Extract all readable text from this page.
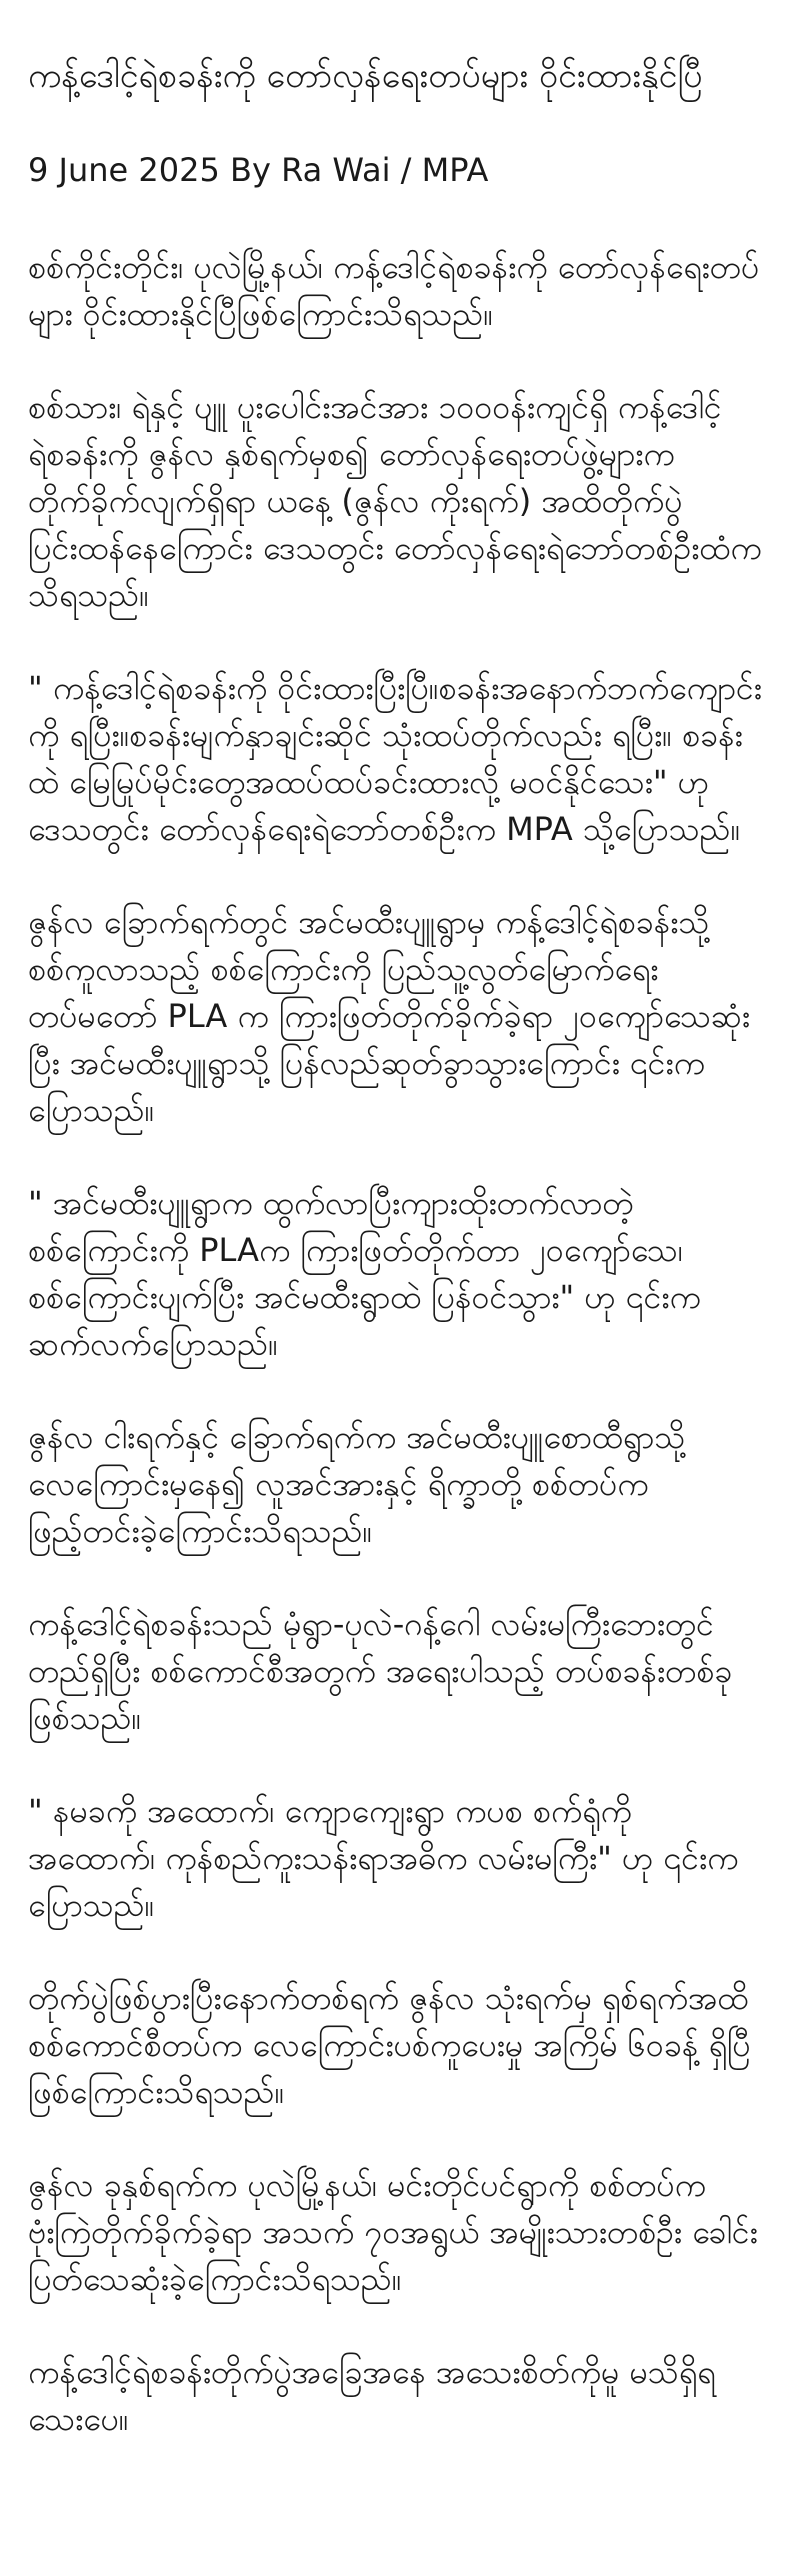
ကန့်ဒေါင့်ရဲစခန်းကို တော်လှန်ရေးတပ်များ ဝိုင်းထားနိုင်ပြီ
9 June 2025 By Ra Wai / MPA

စစ်ကိုင်းတိုင်း၊ ပုလဲမြို့နယ်၊ ကန့်ဒေါင့်ရဲစခန်းကို တော်လှန်ရေးတပ်များ ဝိုင်းထားနိုင်ပြီဖြစ်ကြောင်းသိရသည်။

စစ်သား၊ ရဲနှင့် ပျူ ပူးပေါင်းအင်အား ၁၀၀၀န်းကျင်ရှိ ကန့်ဒေါင့်ရဲစခန်းကို ဇွန်လ နှစ်ရက်မှစ၍ တော်လှန်ရေးတပ်ဖွဲ့များက တိုက်ခိုက်လျက်ရှိရာ ယနေ့ (ဇွန်လ ကိုးရက်) အထိတိုက်ပွဲပြင်းထန်နေကြောင်း ဒေသတွင်း တော်လှန်ရေးရဲဘော်တစ်ဦးထံက သိရသည်။

" ကန့်ဒေါင့်ရဲစခန်းကို ဝိုင်းထားပြီးပြီ။စခန်းအနောက်ဘက်ကျောင်းကို ရပြီး။စခန်းမျက်နှာချင်းဆိုင် သုံးထပ်တိုက်လည်း ရပြီး။ စခန်းထဲ မြေမြုပ်မိုင်းတွေအထပ်ထပ်ခင်းထားလို့ မဝင်နိုင်သေး" ဟု ဒေသတွင်း တော်လှန်ရေးရဲဘော်တစ်ဦးက MPA သို့ပြောသည်။

ဇွန်လ ခြောက်ရက်တွင် အင်မထီးပျူရွာမှ ကန့်ဒေါင့်ရဲစခန်းသို့ စစ်ကူလာသည့် စစ်ကြောင်းကို ပြည်သူ့လွတ်မြောက်ရေးတပ်မတော် PLA က ကြားဖြတ်တိုက်ခိုက်ခဲ့ရာ ၂၀ကျော်သေဆုံးပြီး အင်မထီးပျူရွာသို့ ပြန်လည်ဆုတ်ခွာသွားကြောင်း ၎င်းကပြောသည်။

" အင်မထီးပျူရွာက ထွက်လာပြီးကျားထိုးတက်လာတဲ့ စစ်ကြောင်းကို PLAက ကြားဖြတ်တိုက်တာ ၂၀ကျော်သေ၊ စစ်ကြောင်းပျက်ပြီး အင်မထီးရွာထဲ ပြန်ဝင်သွား" ဟု ၎င်းက ဆက်လက်ပြောသည်။

ဇွန်လ ငါးရက်နှင့် ခြောက်ရက်က အင်မထီးပျူစောထီရွာသို့ လေကြောင်းမှနေ၍ လူအင်အားနှင့် ရိက္ခာတို့ စစ်တပ်က ဖြည့်တင်းခဲ့ကြောင်းသိရသည်။

ကန့်ဒေါင့်ရဲစခန်းသည် မုံရွာ-ပုလဲ-ဂန့်ဂေါ လမ်းမကြီးဘေးတွင်တည်ရှိပြီး စစ်ကောင်စီအတွက် အရေးပါသည့် တပ်စခန်းတစ်ခုဖြစ်သည်။

" နမခကို အထောက်၊ ကျောကျေးရွာ ကပစ စက်ရုံကို အထောက်၊ ကုန်စည်ကူးသန်းရာအဓိက လမ်းမကြီး" ဟု ၎င်းကပြောသည်။

တိုက်ပွဲဖြစ်ပွားပြီးနောက်တစ်ရက် ဇွန်လ သုံးရက်မှ ရှစ်ရက်အထိ စစ်ကောင်စီတပ်က လေကြောင်းပစ်ကူပေးမှု အကြိမ် ၆၀ခန့် ရှိပြီဖြစ်ကြောင်းသိရသည်။

ဇွန်လ ခုနှစ်ရက်က ပုလဲမြို့နယ်၊ မင်းတိုင်ပင်ရွာကို စစ်တပ်က ဗုံးကြဲတိုက်ခိုက်ခဲ့ရာ အသက် ၇၀အရွယ် အမျိုးသားတစ်ဦး ခေါင်းပြတ်သေဆုံးခဲ့ကြောင်းသိရသည်။

ကန့်ဒေါင့်ရဲစခန်းတိုက်ပွဲအခြေအနေ အသေးစိတ်ကိုမူ မသိရှိရသေးပေ။
